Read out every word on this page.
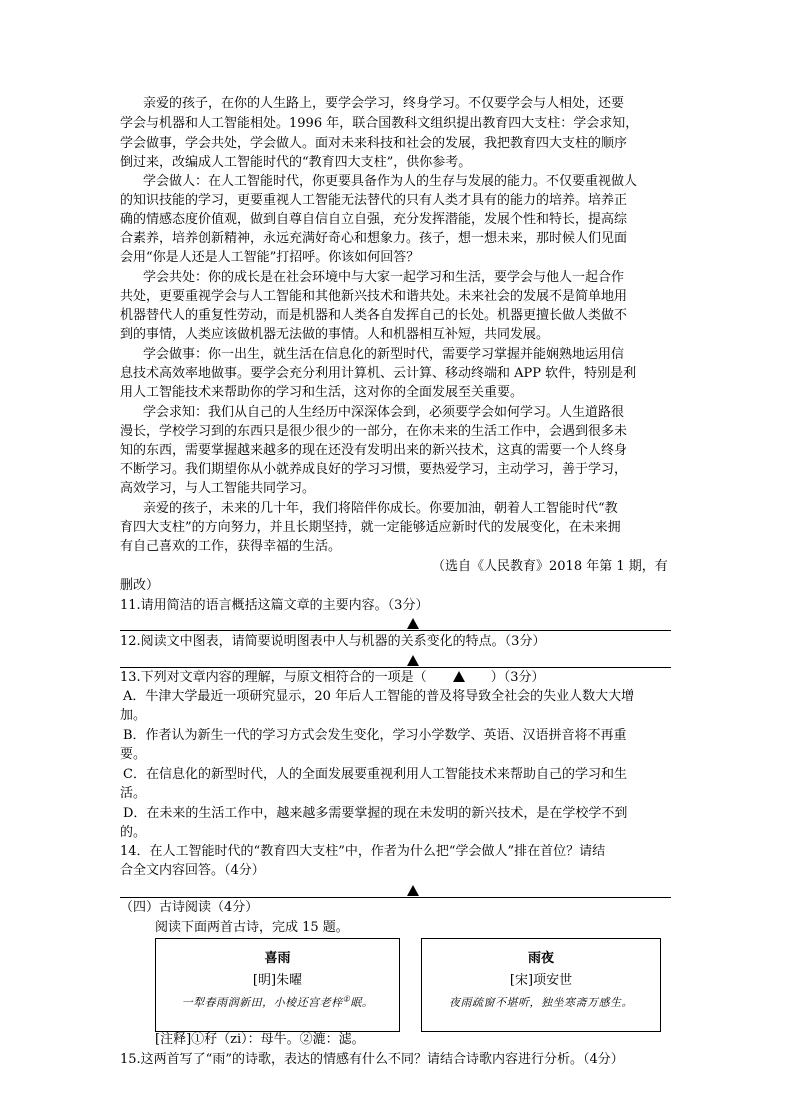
亲爱的孩子，在你的人生路上，要学会学习，终身学习。不仅要学会与人相处，还要
学会与机器和人工智能相处。1996 年，联合国教科文组织提出教育四大支柱：学会求知，
学会做事，学会共处，学会做人。面对未来科技和社会的发展，我把教育四大支柱的顺序
倒过来，改编成人工智能时代的“教育四大支柱”，供你参考。
学会做人：在人工智能时代，你更要具备作为人的生存与发展的能力。不仅要重视做人
的知识技能的学习，更要重视人工智能无法替代的只有人类才具有的能力的培养。培养正
确的情感态度价值观，做到自尊自信自立自强，充分发挥潜能，发展个性和特长，提高综
合素养，培养创新精神，永远充满好奇心和想象力。孩子，想一想未来，那时候人们见面
会用“你是人还是人工智能”打招呼。你该如何回答？
学会共处：你的成长是在社会环境中与大家一起学习和生活，要学会与他人一起合作
共处，更要重视学会与人工智能和其他新兴技术和谐共处。未来社会的发展不是简单地用
机器替代人的重复性劳动，而是机器和人类各自发挥自己的长处。机器更擅长做人类做不
到的事情，人类应该做机器无法做的事情。人和机器相互补短，共同发展。
学会做事：你一出生，就生活在信息化的新型时代，需要学习掌握并能娴熟地运用信
息技术高效率地做事。要学会充分利用计算机、云计算、移动终端和 APP 软件，特别是利
用人工智能技术来帮助你的学习和生活，这对你的全面发展至关重要。
学会求知：我们从自己的人生经历中深深体会到，必须要学会如何学习。人生道路很
漫长，学校学习到的东西只是很少很少的一部分，在你未来的生活工作中，会遇到很多未
知的东西，需要掌握越来越多的现在还没有发明出来的新兴技术，这真的需要一个人终身
不断学习。我们期望你从小就养成良好的学习习惯，要热爱学习，主动学习，善于学习，
高效学习，与人工智能共同学习。
亲爱的孩子，未来的几十年，我们将陪伴你成长。你要加油，朝着人工智能时代“教
育四大支柱”的方向努力，并且长期坚持，就一定能够适应新时代的发展变化，在未来拥
有自己喜欢的工作，获得幸福的生活。
（选自《人民教育》2018 年第 1 期，有
删改）
11.请用简洁的语言概括这篇文章的主要内容。（3分）
12.阅读文中图表，请简要说明图表中人与机器的关系变化的特点。（3分）
13.下列对文章内容的理解，与原文相符合的一项是（	）（3分）
A．牛津大学最近一项研究显示，20 年后人工智能的普及将导致全社会的失业人数大大增
加。
B．作者认为新生一代的学习方式会发生变化，学习小学数学、英语、汉语拼音将不再重
要。
C．在信息化的新型时代，人的全面发展要重视利用人工智能技术来帮助自己的学习和生
活。
D．在未来的生活工作中，越来越多需要掌握的现在未发明的新兴技术，是在学校学不到
的。
14．在人工智能时代的“教育四大支柱”中，作者为什么把“学会做人”排在首位？请结
合全文内容回答。（4分）
（四）古诗阅读（4分）
阅读下面两首古诗，完成 15 题。
喜雨
[明]朱曜
一犁春雨润新田，小棱还宫老梓①眠。
雨夜
[宋]项安世
夜雨疏窗不堪听，独坐寒斋万感生。
[注释]①秄（zi）：母牛。②漉：滤。
15.这两首写了“雨”的诗歌，表达的情感有什么不同？请结合诗歌内容进行分析。（4分）
